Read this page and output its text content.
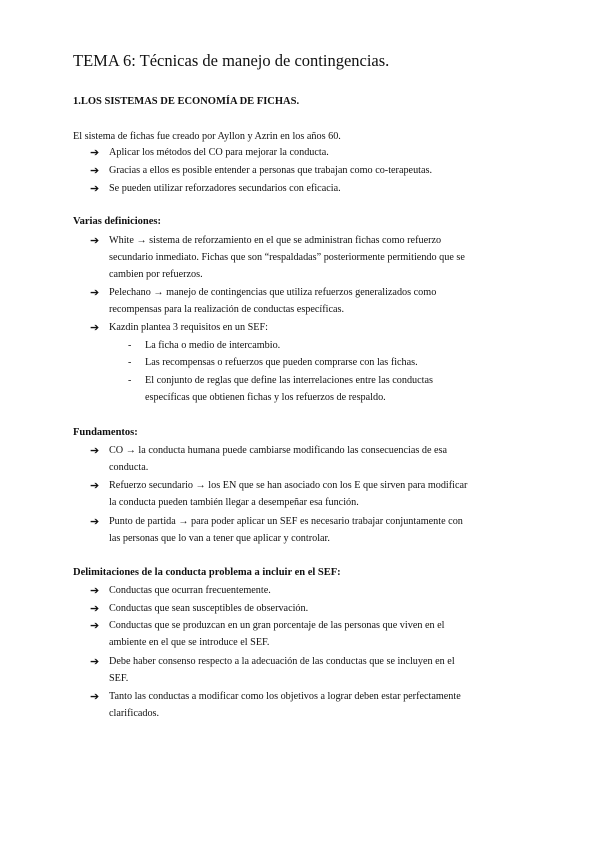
TEMA 6: Técnicas de manejo de contingencias.
1.LOS SISTEMAS DE ECONOMÍA DE FICHAS.
El sistema de fichas fue creado por Ayllon y Azrin en los años 60.
➔ Aplicar los métodos del CO para mejorar la conducta.
➔ Gracias a ellos es posible entender a personas que trabajan como co-terapeutas.
➔ Se pueden utilizar reforzadores secundarios con eficacia.
Varias definiciones:
➔ White → sistema de reforzamiento en el que se administran fichas como refuerzo
secundario inmediato. Fichas que son “respaldadas” posteriormente permitiendo que se
cambien por refuerzos.
➔ Pelechano → manejo de contingencias que utiliza refuerzos generalizados como
recompensas para la realización de conductas específicas.
➔ Kazdin plantea 3 requisitos en un SEF:
- La ficha o medio de intercambio.
- Las recompensas o refuerzos que pueden comprarse con las fichas.
- El conjunto de reglas que define las interrelaciones entre las conductas
específicas que obtienen fichas y los refuerzos de respaldo.
Fundamentos:
➔ CO → la conducta humana puede cambiarse modificando las consecuencias de esa
conducta.
➔ Refuerzo secundario → los EN que se han asociado con los E que sirven para modificar
la conducta pueden también llegar a desempeñar esa función.
➔ Punto de partida → para poder aplicar un SEF es necesario trabajar conjuntamente con
las personas que lo van a tener que aplicar y controlar.
Delimitaciones de la conducta problema a incluir en el SEF:
➔ Conductas que ocurran frecuentemente.
➔ Conductas que sean susceptibles de observación.
➔ Conductas que se produzcan en un gran porcentaje de las personas que viven en el
ambiente en el que se introduce el SEF.
➔ Debe haber consenso respecto a la adecuación de las conductas que se incluyen en el
SEF.
➔ Tanto las conductas a modificar como los objetivos a lograr deben estar perfectamente
clarificados.
